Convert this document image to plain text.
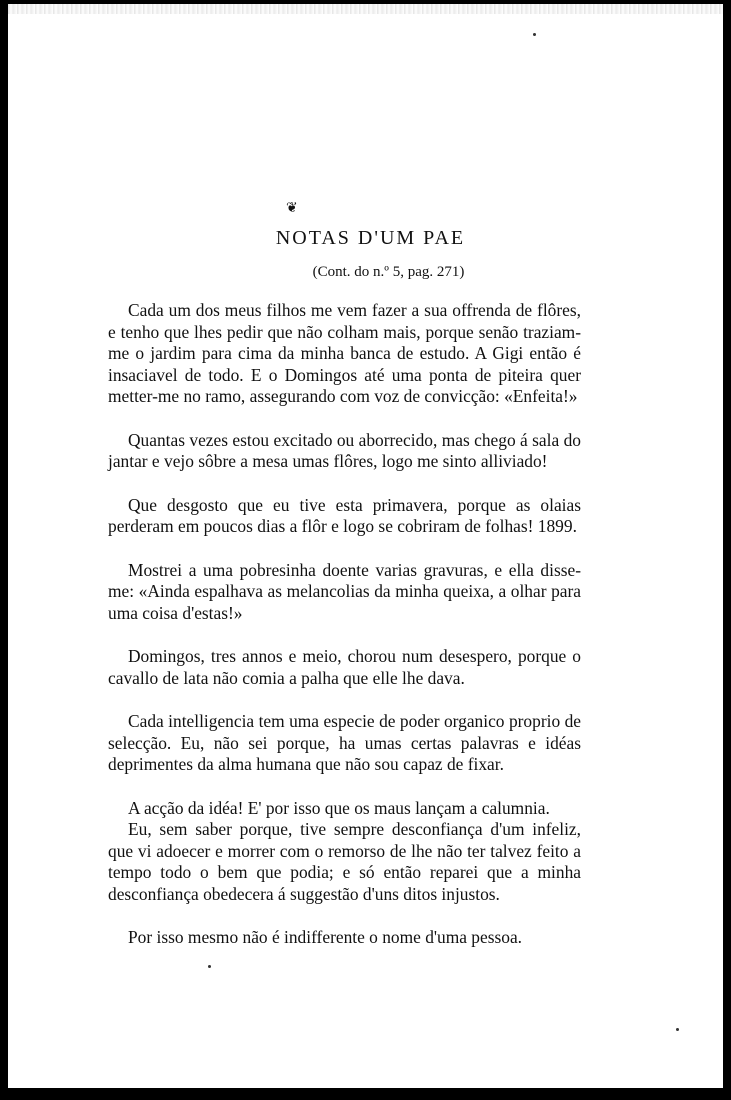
❦
NOTAS D'UM PAE
(Cont. do n.º 5, pag. 271)

Cada um dos meus filhos me vem fazer a sua offrenda de flôres, e tenho que lhes pedir que não colham mais, porque senão traziam-me o jardim para cima da minha banca de estudo. A Gigi então é insaciavel de todo. E o Domingos até uma ponta de piteira quer metter-me no ramo, assegurando com voz de convicção: «Enfeita!»

Quantas vezes estou excitado ou aborrecido, mas chego á sala do jantar e vejo sôbre a mesa umas flôres, logo me sinto alliviado!

Que desgosto que eu tive esta primavera, porque as olaias perderam em poucos dias a flôr e logo se cobriram de folhas! 1899.

Mostrei a uma pobresinha doente varias gravuras, e ella disse-me: «Ainda espalhava as melancolias da minha queixa, a olhar para uma coisa d'estas!»

Domingos, tres annos e meio, chorou num desespero, porque o cavallo de lata não comia a palha que elle lhe dava.

Cada intelligencia tem uma especie de poder organico proprio de selecção. Eu, não sei porque, ha umas certas palavras e idéas deprimentes da alma humana que não sou capaz de fixar.

A acção da idéa! E' por isso que os maus lançam a calumnia.

Eu, sem saber porque, tive sempre desconfiança d'um infeliz, que vi adoecer e morrer com o remorso de lhe não ter talvez feito a tempo todo o bem que podia; e só então reparei que a minha desconfiança obedecera á suggestão d'uns ditos injustos.

Por isso mesmo não é indifferente o nome d'uma pessoa.
